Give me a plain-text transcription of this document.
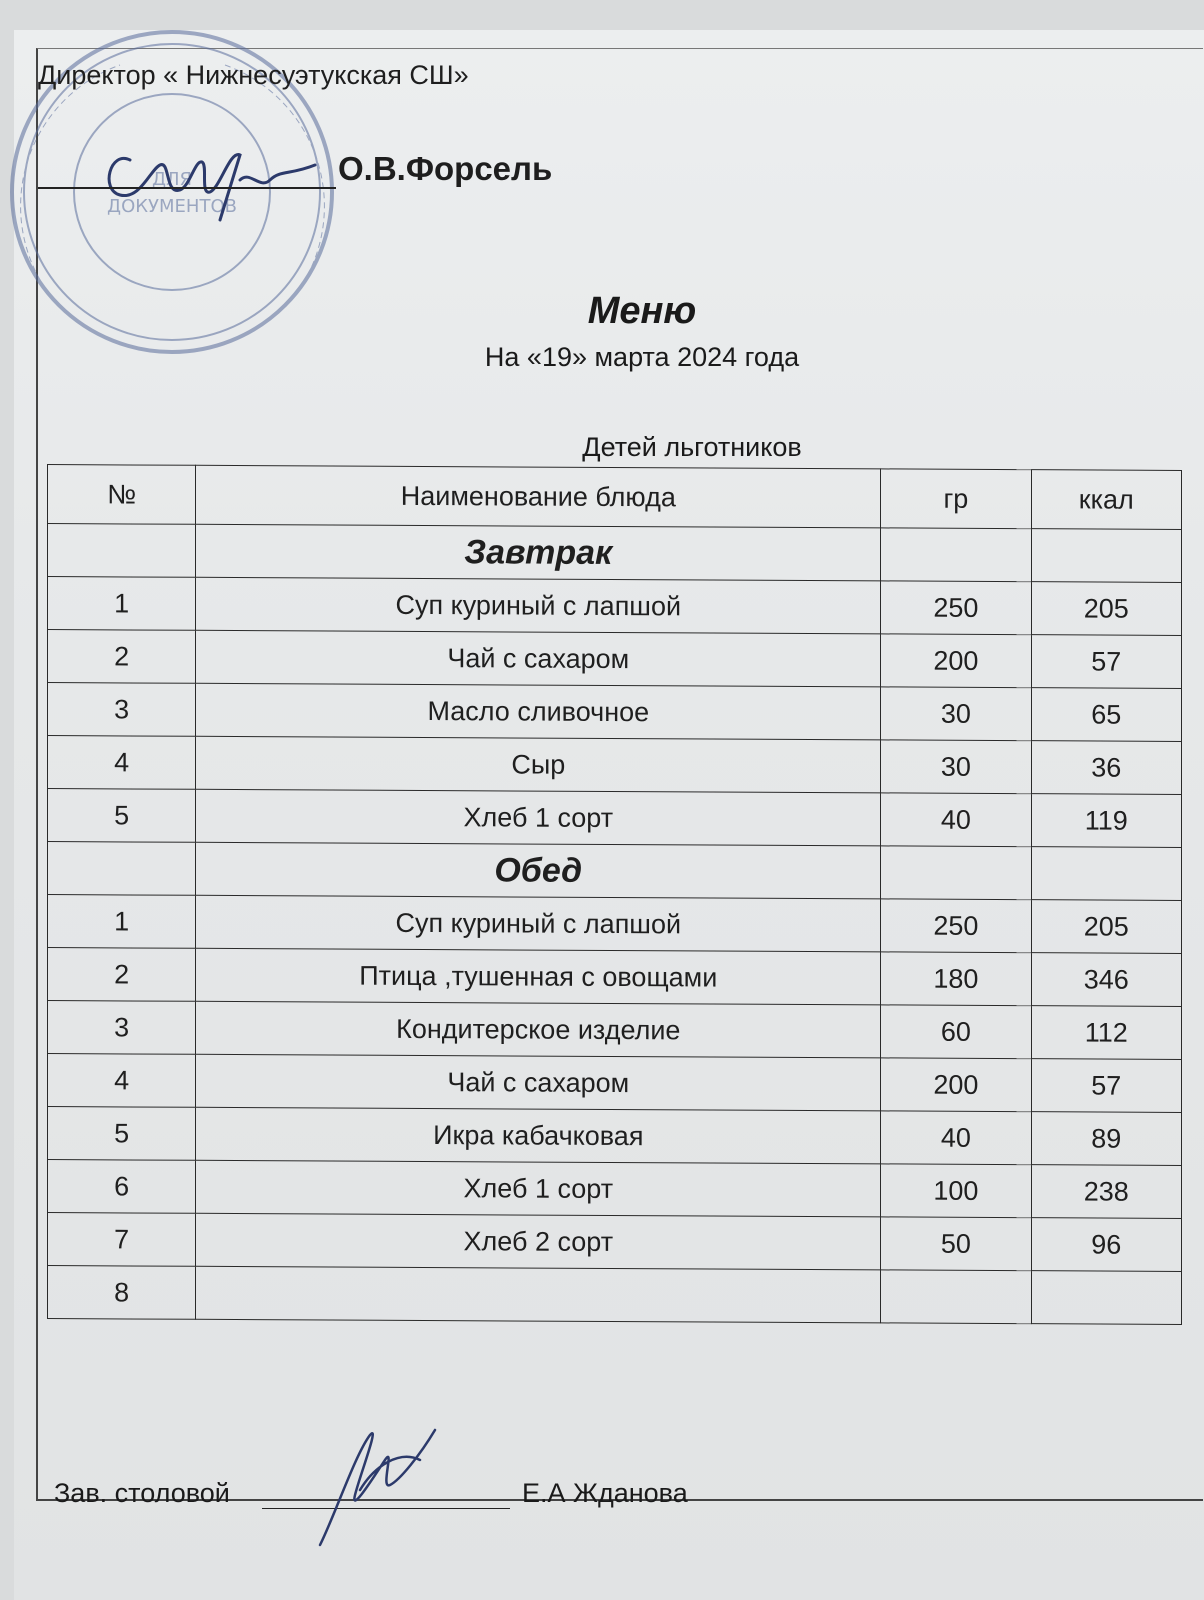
ДЛЯ
ДОКУМЕНТОВ
Директор « Нижнесуэтукская СШ»
О.В.Форсель
Меню
На «19» марта 2024 года
Детей льготников
№	Наименование блюда	гр	ккал
	Завтрак		
1	Суп куриный с лапшой	250	205
2	Чай с сахаром	200	57
3	Масло сливочное	30	65
4	Сыр	30	36
5	Хлеб 1 сорт	40	119
	Обед		
1	Суп куриный с лапшой	250	205
2	Птица ,тушенная с овощами	180	346
3	Кондитерское изделие	60	112
4	Чай с сахаром	200	57
5	Икра кабачковая	40	89
6	Хлеб 1 сорт	100	238
7	Хлеб 2 сорт	50	96
8			
Зав. столовой	Е.А Жданова
